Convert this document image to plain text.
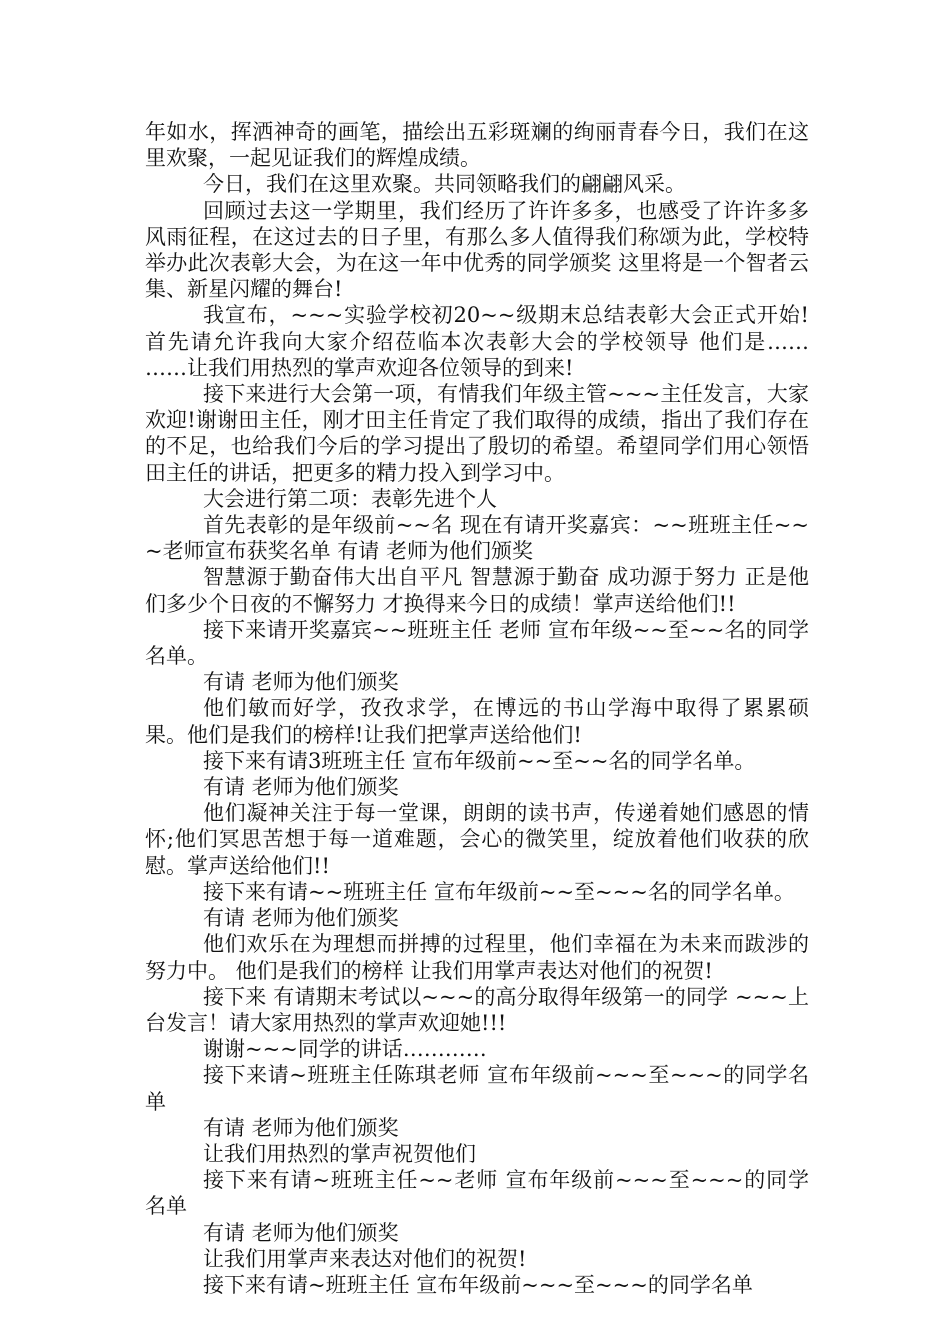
年如水，挥洒神奇的画笔，描绘出五彩斑斓的绚丽青春今日，我们在这里欢聚，一起见证我们的辉煌成绩。

今日，我们在这里欢聚。共同领略我们的翩翩风采。

回顾过去这一学期里，我们经历了许许多多，也感受了许许多多 风雨征程，在这过去的日子里，有那么多人值得我们称颂为此，学校特举办此次表彰大会，为在这一年中优秀的同学颁奖 这里将是一个智者云集、新星闪耀的舞台!

我宣布，~~~实验学校初20~~级期末总结表彰大会正式开始!首先请允许我向大家介绍莅临本次表彰大会的学校领导 他们是…… ……让我们用热烈的掌声欢迎各位领导的到来!

接下来进行大会第一项，有情我们年级主管~~~主任发言，大家欢迎!谢谢田主任，刚才田主任肯定了我们取得的成绩，指出了我们存在的不足，也给我们今后的学习提出了殷切的希望。希望同学们用心领悟田主任的讲话，把更多的精力投入到学习中。

大会进行第二项：表彰先进个人

首先表彰的是年级前~~名 现在有请开奖嘉宾：~~班班主任~~~老师宣布获奖名单 有请 老师为他们颁奖

智慧源于勤奋伟大出自平凡 智慧源于勤奋 成功源于努力 正是他们多少个日夜的不懈努力 才换得来今日的成绩！掌声送给他们!!

接下来请开奖嘉宾~~班班主任 老师 宣布年级~~至~~名的同学名单。

有请 老师为他们颁奖

他们敏而好学，孜孜求学，在博远的书山学海中取得了累累硕果。他们是我们的榜样!让我们把掌声送给他们!

接下来有请3班班主任 宣布年级前~~至~~名的同学名单。

有请 老师为他们颁奖

他们凝神关注于每一堂课，朗朗的读书声，传递着她们感恩的情怀;他们冥思苦想于每一道难题，会心的微笑里，绽放着他们收获的欣慰。掌声送给他们!!

接下来有请~~班班主任 宣布年级前~~至~~~名的同学名单。

有请 老师为他们颁奖

他们欢乐在为理想而拼搏的过程里，他们幸福在为未来而跋涉的努力中。 他们是我们的榜样 让我们用掌声表达对他们的祝贺!

接下来 有请期末考试以~~~的高分取得年级第一的同学 ~~~上台发言！请大家用热烈的掌声欢迎她!!!

谢谢~~~同学的讲话…………

接下来请~班班主任陈琪老师 宣布年级前~~~至~~~的同学名单

有请 老师为他们颁奖

让我们用热烈的掌声祝贺他们

接下来有请~班班主任~~老师 宣布年级前~~~至~~~的同学名单

有请 老师为他们颁奖

让我们用掌声来表达对他们的祝贺!

接下来有请~班班主任 宣布年级前~~~至~~~的同学名单
